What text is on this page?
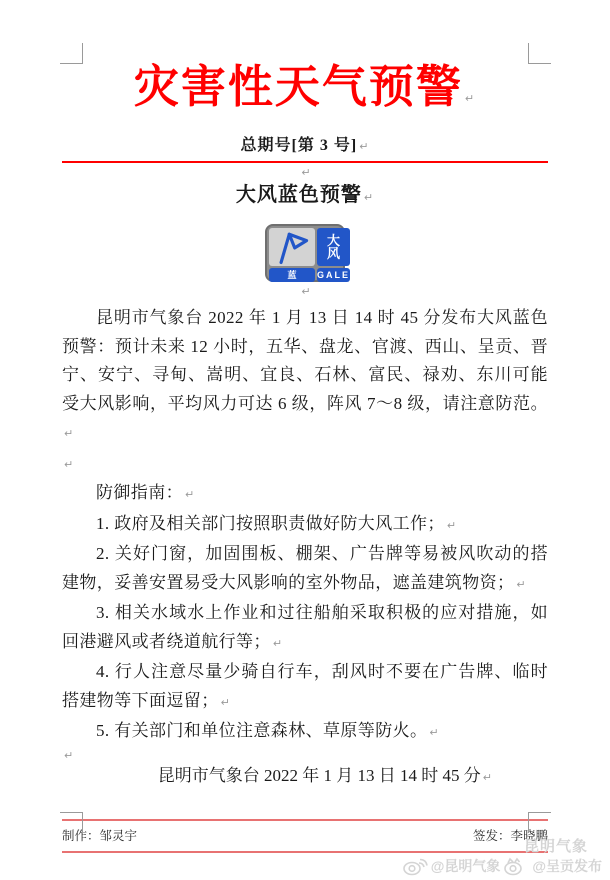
灾害性天气预警 ↵
总期号[第 3 号] ↵
↵
大风蓝色预警 ↵
大
风
蓝	GALE
↵

昆明市气象台 2022 年 1 月 13 日 14 时 45 分发布大风蓝色预警：预计未来 12 小时，五华、盘龙、官渡、西山、呈贡、晋宁、安宁、寻甸、嵩明、宜良、石林、富民、禄劝、东川可能受大风影响，平均风力可达 6 级，阵风 7～8 级，请注意防范。↵

↵

防御指南： ↵

1. 政府及相关部门按照职责做好防大风工作； ↵

2. 关好门窗，加固围板、棚架、广告牌等易被风吹动的搭建物，妥善安置易受大风影响的室外物品，遮盖建筑物资； ↵

3. 相关水域水上作业和过往船舶采取积极的应对措施，如回港避风或者绕道航行等； ↵

4. 行人注意尽量少骑自行车，刮风时不要在广告牌、临时搭建物等下面逗留； ↵

5. 有关部门和单位注意森林、草原等防火。 ↵

↵

昆明市气象台 2022 年 1 月 13 日 14 时 45 分 ↵

制作：邹灵宇	签发：李晓鹏
昆明气象
@昆明气象 @呈贡发布
